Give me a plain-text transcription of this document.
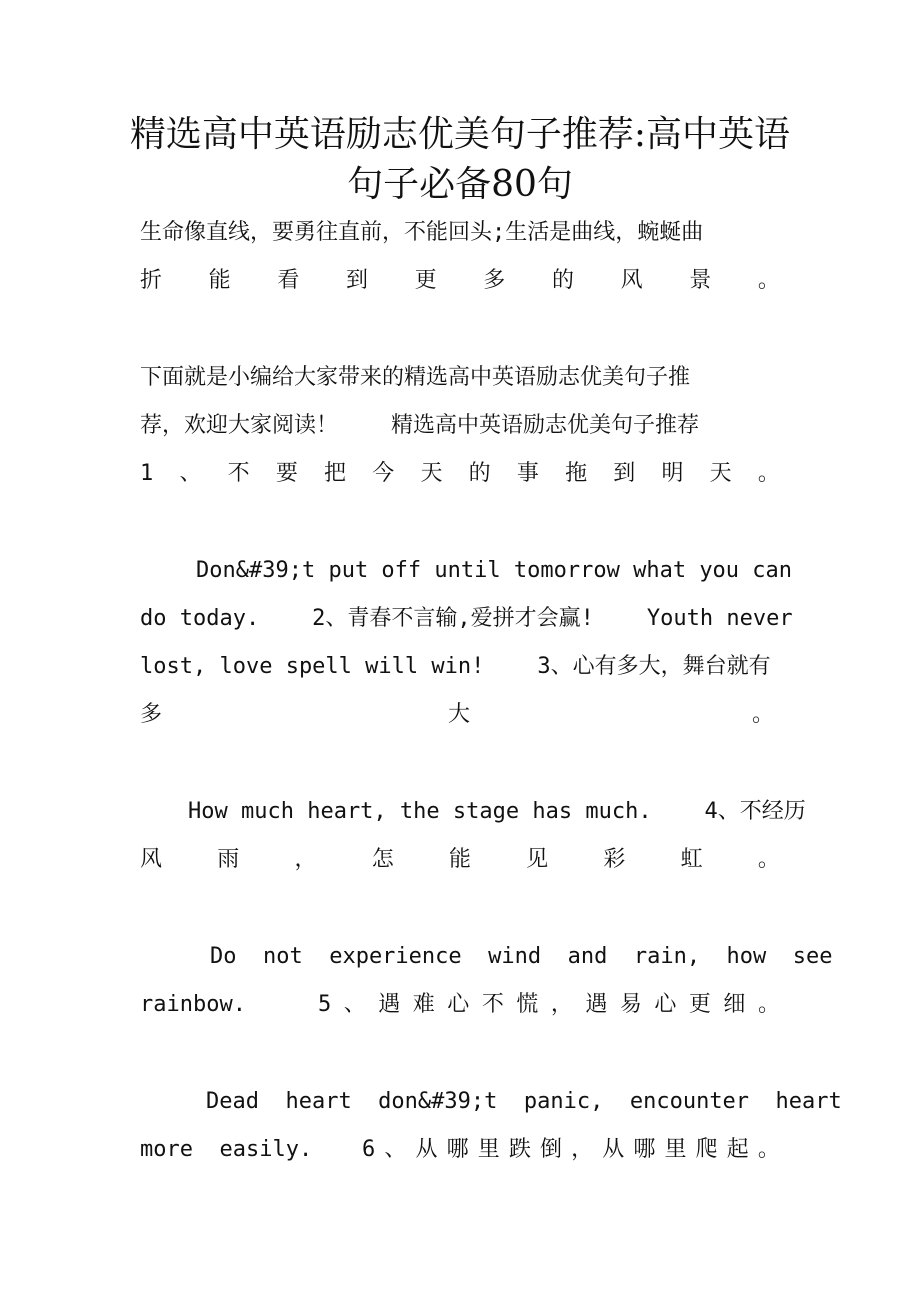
精选高中英语励志优美句子推荐:高中英语
句子必备80句
生命像直线，要勇往直前，不能回头;生活是曲线，蜿蜒曲
折 能 看 到 更 多 的 风 景 。
下面就是小编给大家带来的精选高中英语励志优美句子推
荐，欢迎大家阅读！    精选高中英语励志优美句子推荐
1 、 不 要 把 今 天 的 事 拖 到 明 天 。
Don&#39;t put off until tomorrow what you can
do today.    2、青春不言输,爱拼才会赢!    Youth never
lost, love spell will win!    3、心有多大，舞台就有
多	大	。
How much heart, the stage has much.    4、不经历
风	雨	，	怎	能	见	彩	虹	。
Do  not  experience  wind  and  rain,  how  see
rainbow.	5 、 遇 难 心 不 慌 ， 遇 易 心 更 细 。
Dead  heart  don&#39;t  panic,  encounter  heart
more  easily. 6 、 从 哪 里 跌 倒 ， 从 哪 里 爬 起 。
